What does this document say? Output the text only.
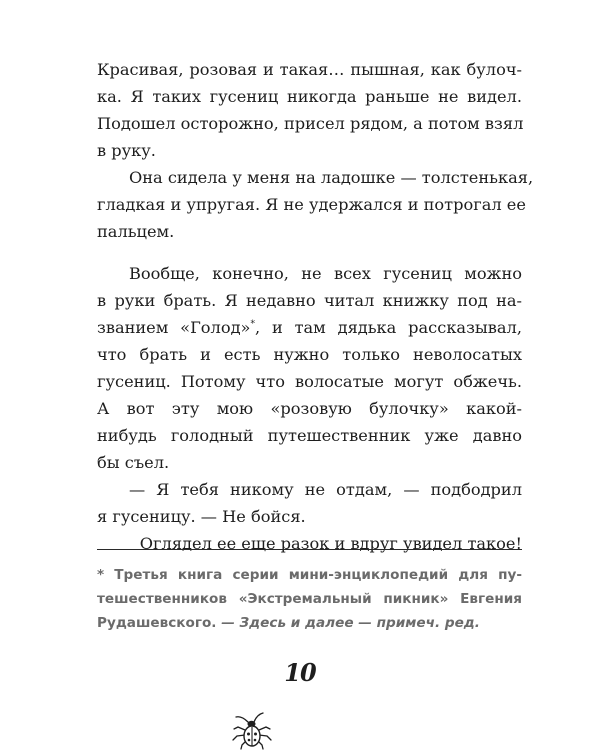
Красивая, розовая и такая… пышная, как булоч-
ка. Я таких гусениц никогда раньше не видел.
Подошел осторожно, присел рядом, а потом взял
в руку.
Она сидела у меня на ладошке — толстенькая,
гладкая и упругая. Я не удержался и потрогал ее
пальцем.
Вообще, конечно, не всех гусениц можно
в руки брать. Я недавно читал книжку под на-
званием «Голод»*, и там дядька рассказывал,
что брать и есть нужно только неволосатых
гусениц. Потому что волосатые могут обжечь.
А вот эту мою «розовую булочку» какой-
нибудь голодный путешественник уже давно
бы съел.
— Я тебя никому не отдам, — подбодрил
я гусеницу. — Не бойся.
Оглядел ее еще разок и вдруг увидел такое!
* Третья книга серии мини-энциклопедий для пу-
тешественников «Экстремальный пикник» Евгения
Рудашевского. — Здесь и далее — примеч. ред.
10
